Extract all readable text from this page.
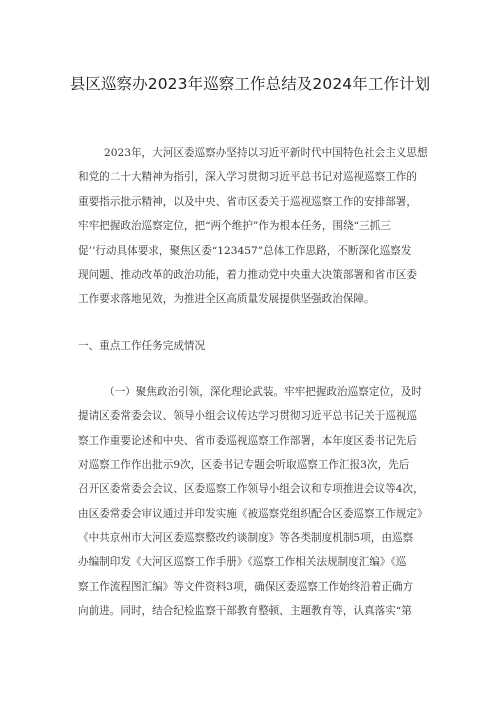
县区巡察办2023年巡察工作总结及2024年工作计划
2023年，大河区委巡察办坚持以习近平新时代中国特色社会主义思想
和党的二十大精神为指引，深入学习贯彻习近平总书记对巡视巡察工作的
重要指示批示精神，以及中央、省市区委关于巡视巡察工作的安排部署，
牢牢把握政治巡察定位，把“两个维护”作为根本任务，围绕“三抓三
促’’行动具体要求，聚焦区委“123457”总体工作思路，不断深化巡察发
现问题、推动改革的政治功能，着力推动党中央重大决策部署和省市区委
工作要求落地见效，为推进全区高质量发展提供坚强政治保障。
一、重点工作任务完成情况
（一）聚焦政治引领，深化理论武装。牢牢把握政治巡察定位，及时
提请区委常委会议、领导小组会议传达学习贯彻习近平总书记关于巡视巡
察工作重要论述和中央、省市委巡视巡察工作部署，本年度区委书记先后
对巡察工作作出批示9次，区委书记专题会听取巡察工作汇报3次，先后
召开区委常委会会议、区委巡察工作领导小组会议和专项推进会议等4次，
由区委常委会审议通过并印发实施《被巡察党组织配合区委巡察工作规定》
《中共京州市大河区委巡察整改约谈制度》等各类制度机制5项，由巡察
办编制印发《大河区巡察工作手册》《巡察工作相关法规制度汇编》《巡
察工作流程图汇编》等文件资料3项，确保区委巡察工作始终沿着正确方
向前进。同时，结合纪检监察干部教育整顿、主题教育等，认真落实“第
